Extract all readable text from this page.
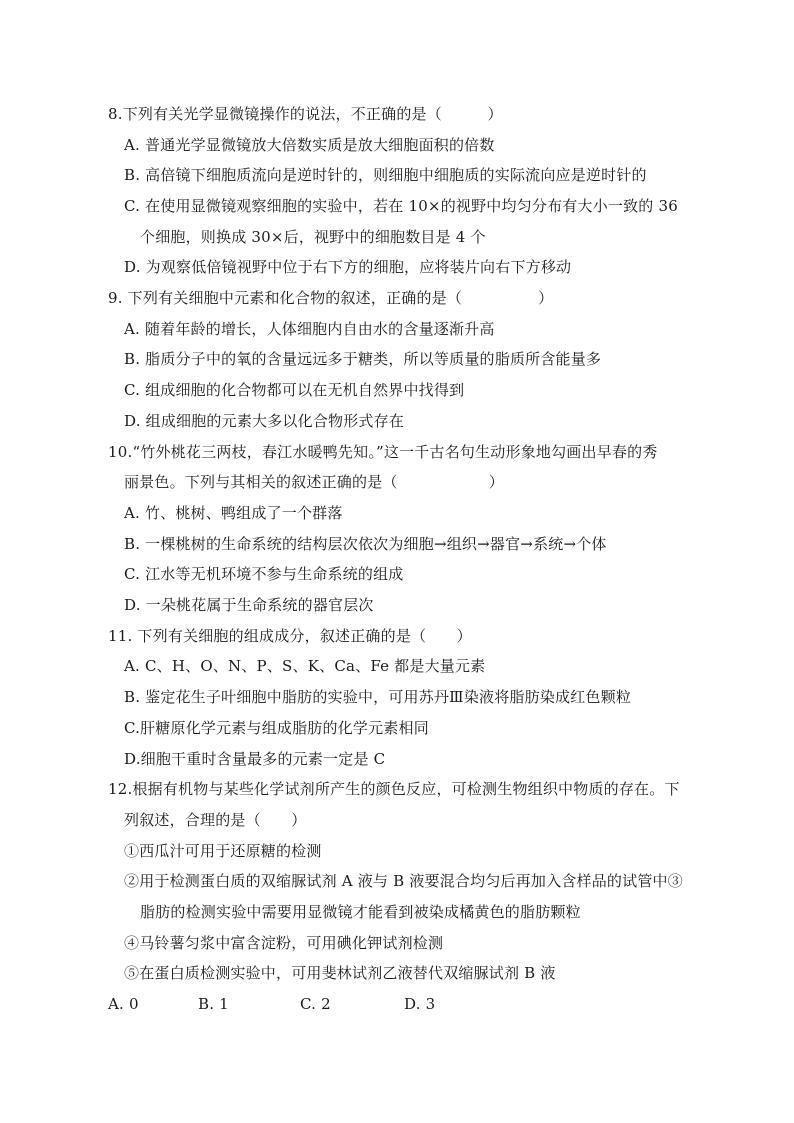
8.下列有关光学显微镜操作的说法，不正确的是（　　　）
A. 普通光学显微镜放大倍数实质是放大细胞面积的倍数
B. 高倍镜下细胞质流向是逆时针的，则细胞中细胞质的实际流向应是逆时针的
C. 在使用显微镜观察细胞的实验中，若在 10×的视野中均匀分布有大小一致的 36
个细胞，则换成 30×后，视野中的细胞数目是 4 个
D. 为观察低倍镜视野中位于右下方的细胞，应将装片向右下方移动
9. 下列有关细胞中元素和化合物的叙述，正确的是（　　　　　）
A. 随着年龄的增长，人体细胞内自由水的含量逐渐升高
B. 脂质分子中的氧的含量远远多于糖类，所以等质量的脂质所含能量多
C. 组成细胞的化合物都可以在无机自然界中找得到
D. 组成细胞的元素大多以化合物形式存在
10.“竹外桃花三两枝，春江水暖鸭先知。”这一千古名句生动形象地勾画出早春的秀
丽景色。下列与其相关的叙述正确的是（　　　　　　）
A. 竹、桃树、鸭组成了一个群落
B. 一棵桃树的生命系统的结构层次依次为细胞→组织→器官→系统→个体
C. 江水等无机环境不参与生命系统的组成
D. 一朵桃花属于生命系统的器官层次
11. 下列有关细胞的组成成分，叙述正确的是（　　）
A. C、H、O、N、P、S、K、Ca、Fe 都是大量元素
B. 鉴定花生子叶细胞中脂肪的实验中，可用苏丹Ⅲ染液将脂肪染成红色颗粒
C.肝糖原化学元素与组成脂肪的化学元素相同
D.细胞干重时含量最多的元素一定是 C
12.根据有机物与某些化学试剂所产生的颜色反应，可检测生物组织中物质的存在。下
列叙述，合理的是（　　）
①西瓜汁可用于还原糖的检测
②用于检测蛋白质的双缩脲试剂 A 液与 B 液要混合均匀后再加入含样品的试管中③
脂肪的检测实验中需要用显微镜才能看到被染成橘黄色的脂肪颗粒
④马铃薯匀浆中富含淀粉，可用碘化钾试剂检测
⑤在蛋白质检测实验中，可用斐林试剂乙液替代双缩脲试剂 B 液
A. 0	B. 1	C. 2	D. 3
